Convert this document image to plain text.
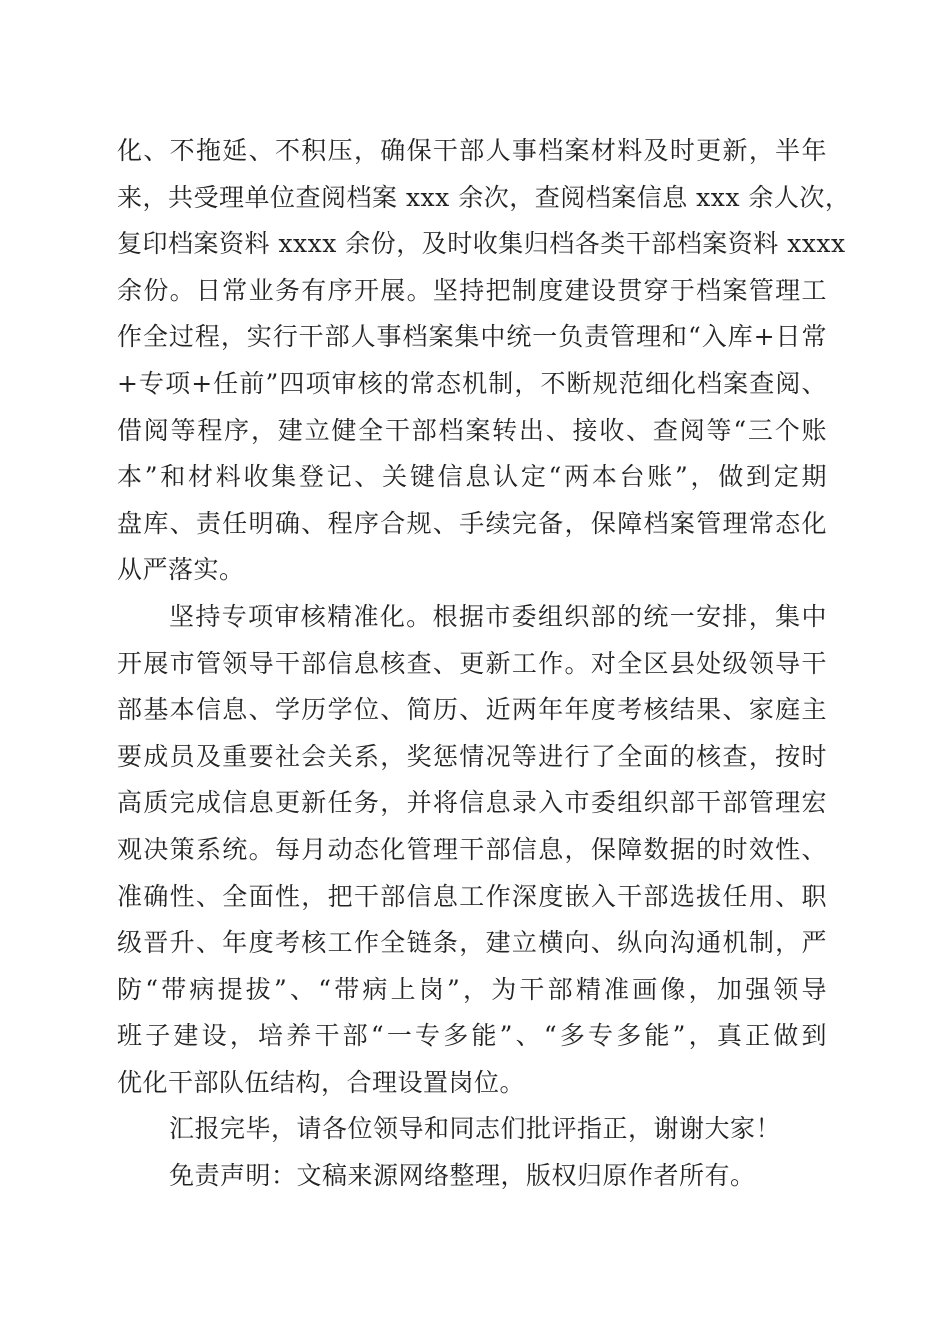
化、不拖延、不积压，确保干部人事档案材料及时更新，半年
来，共受理单位查阅档案 xxx 余次，查阅档案信息 xxx 余人次，
复印档案资料 xxxx 余份，及时收集归档各类干部档案资料 xxxx
余份。日常业务有序开展。坚持把制度建设贯穿于档案管理工
作全过程，实行干部人事档案集中统一负责管理和“入库+日常
+专项+任前”四项审核的常态机制，不断规范细化档案查阅、
借阅等程序，建立健全干部档案转出、接收、查阅等“三个账
本”和材料收集登记、关键信息认定“两本台账”，做到定期
盘库、责任明确、程序合规、手续完备，保障档案管理常态化
从严落实。

坚持专项审核精准化。根据市委组织部的统一安排，集中
开展市管领导干部信息核查、更新工作。对全区县处级领导干
部基本信息、学历学位、简历、近两年年度考核结果、家庭主
要成员及重要社会关系，奖惩情况等进行了全面的核查，按时
高质完成信息更新任务，并将信息录入市委组织部干部管理宏
观决策系统。每月动态化管理干部信息，保障数据的时效性、
准确性、全面性，把干部信息工作深度嵌入干部选拔任用、职
级晋升、年度考核工作全链条，建立横向、纵向沟通机制，严
防“带病提拔”、“带病上岗”，为干部精准画像，加强领导
班子建设，培养干部“一专多能”、“多专多能”，真正做到
优化干部队伍结构，合理设置岗位。

汇报完毕，请各位领导和同志们批评指正，谢谢大家！

免责声明：文稿来源网络整理，版权归原作者所有。
